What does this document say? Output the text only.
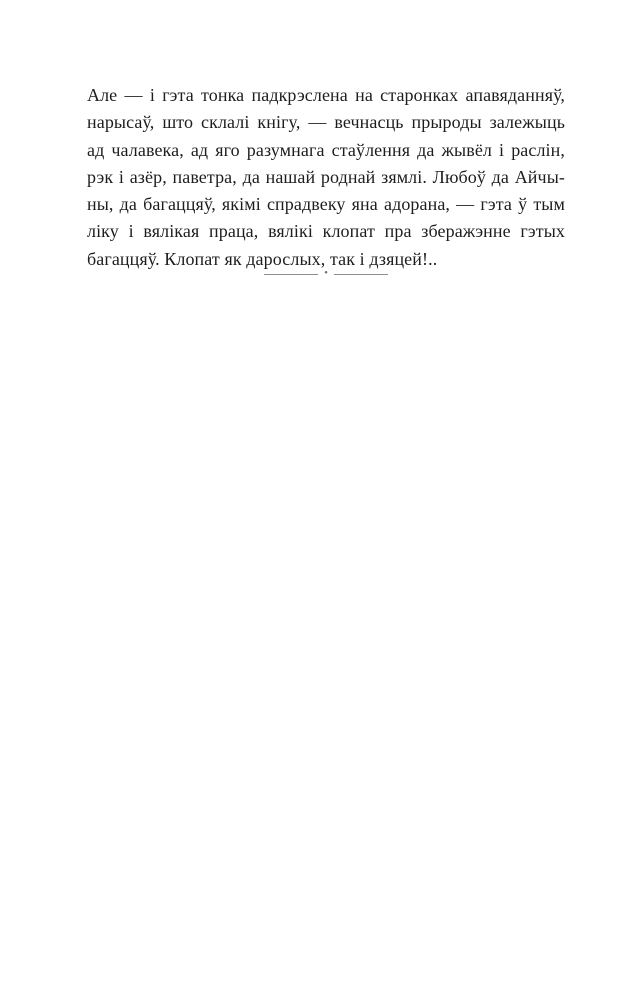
Але — і гэта тонка падкрэслена на старонках апавяданняў,
нарысаў, што склалі кнігу, — вечнасць прыроды залежыць
ад чалавека, ад яго разумнага стаўлення да жывёл і раслін,
рэк і азёр, паветра, да нашай роднай зямлі. Любоў да Айчы-
ны, да багаццяў, якімі спрадвеку яна адорана, — гэта ў тым
ліку і вялікая праца, вялікі клопат пра зберажэнне гэтых
багаццяў. Клопат як дарослых, так і дзяцей!..
•
